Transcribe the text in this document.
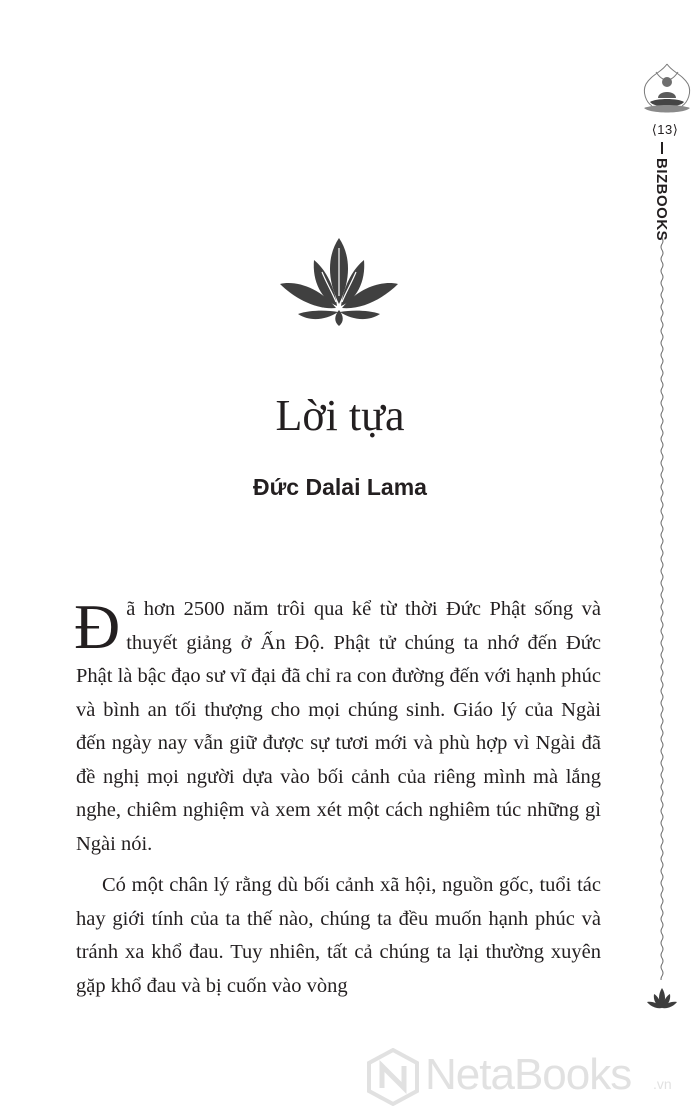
⟨13⟩
BIZBOOKS
Lời tựa
Đức Dalai Lama

Đã hơn 2500 năm trôi qua kể từ thời Đức Phật sống và thuyết giảng ở Ấn Độ. Phật tử chúng ta nhớ đến Đức Phật là bậc đạo sư vĩ đại đã chỉ ra con đường đến với hạnh phúc và bình an tối thượng cho mọi chúng sinh. Giáo lý của Ngài đến ngày nay vẫn giữ được sự tươi mới và phù hợp vì Ngài đã đề nghị mọi người dựa vào bối cảnh của riêng mình mà lắng nghe, chiêm nghiệm và xem xét một cách nghiêm túc những gì Ngài nói.

Có một chân lý rằng dù bối cảnh xã hội, nguồn gốc, tuổi tác hay giới tính của ta thế nào, chúng ta đều muốn hạnh phúc và tránh xa khổ đau. Tuy nhiên, tất cả chúng ta lại thường xuyên gặp khổ đau và bị cuốn vào vòng

NetaBooks .vn
